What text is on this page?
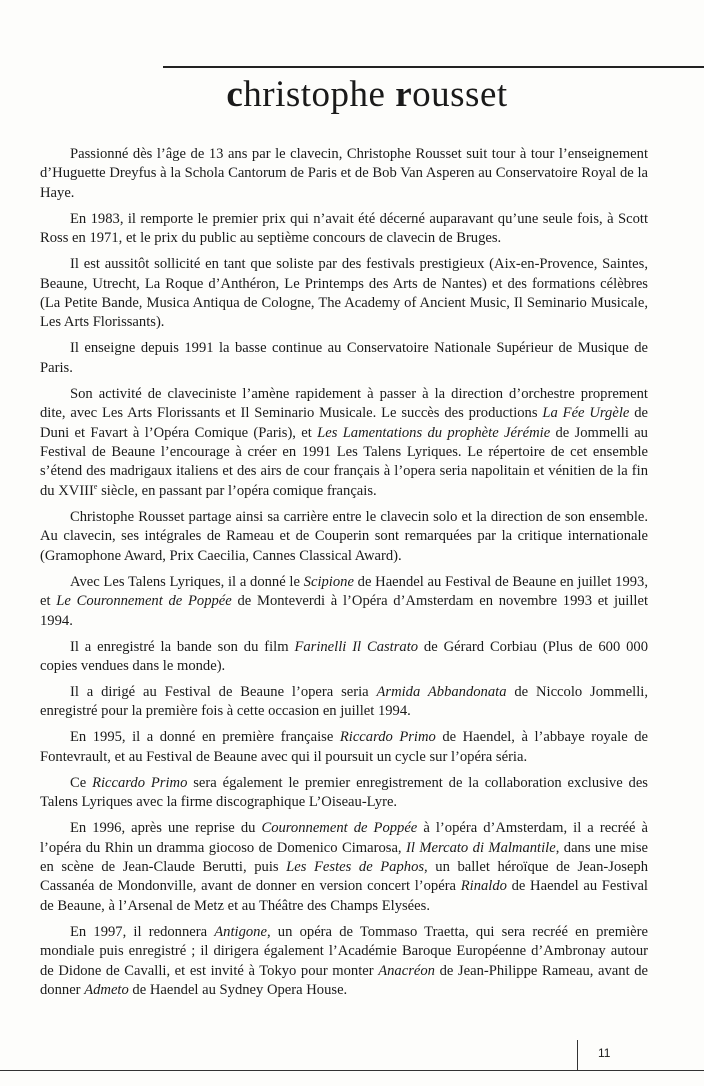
christophe rousset

Passionné dès l’âge de 13 ans par le clavecin, Christophe Rousset suit tour à tour l’enseignement d’Huguette Dreyfus à la Schola Cantorum de Paris et de Bob Van Asperen au Conservatoire Royal de la Haye.

En 1983, il remporte le premier prix qui n’avait été décerné auparavant qu’une seule fois, à Scott Ross en 1971, et le prix du public au septième concours de clavecin de Bruges.

Il est aussitôt sollicité en tant que soliste par des festivals prestigieux (Aix-en-Provence, Saintes, Beaune, Utrecht, La Roque d’Anthéron, Le Printemps des Arts de Nantes) et des formations célèbres (La Petite Bande, Musica Antiqua de Cologne, The Academy of Ancient Music, Il Seminario Musicale, Les Arts Florissants).

Il enseigne depuis 1991 la basse continue au Conservatoire Nationale Supérieur de Musique de Paris.

Son activité de claveciniste l’amène rapidement à passer à la direction d’orchestre proprement dite, avec Les Arts Florissants et Il Seminario Musicale. Le succès des productions La Fée Urgèle de Duni et Favart à l’Opéra Comique (Paris), et Les Lamentations du prophète Jérémie de Jommelli au Festival de Beaune l’encourage à créer en 1991 Les Talens Lyriques. Le répertoire de cet ensemble s’étend des madrigaux italiens et des airs de cour français à l’opera seria napolitain et vénitien de la fin du XVIIIe siècle, en passant par l’opéra comique français.

Christophe Rousset partage ainsi sa carrière entre le clavecin solo et la direction de son ensemble. Au clavecin, ses intégrales de Rameau et de Couperin sont remarquées par la critique internationale (Gramophone Award, Prix Caecilia, Cannes Classical Award).

Avec Les Talens Lyriques, il a donné le Scipione de Haendel au Festival de Beaune en juillet 1993, et Le Couronnement de Poppée de Monteverdi à l’Opéra d’Amsterdam en novembre 1993 et juillet 1994.

Il a enregistré la bande son du film Farinelli Il Castrato de Gérard Corbiau (Plus de 600 000 copies vendues dans le monde).

Il a dirigé au Festival de Beaune l’opera seria Armida Abbandonata de Niccolo Jommelli, enregistré pour la première fois à cette occasion en juillet 1994.

En 1995, il a donné en première française Riccardo Primo de Haendel, à l’abbaye royale de Fontevrault, et au Festival de Beaune avec qui il poursuit un cycle sur l’opéra séria.

Ce Riccardo Primo sera également le premier enregistrement de la collaboration exclusive des Talens Lyriques avec la firme discographique L’Oiseau-Lyre.

En 1996, après une reprise du Couronnement de Poppée à l’opéra d’Amsterdam, il a recréé à l’opéra du Rhin un dramma giocoso de Domenico Cimarosa, Il Mercato di Malmantile, dans une mise en scène de Jean-Claude Berutti, puis Les Festes de Paphos, un ballet héroïque de Jean-Joseph Cassanéa de Mondonville, avant de donner en version concert l’opéra Rinaldo de Haendel au Festival de Beaune, à l’Arsenal de Metz et au Théâtre des Champs Elysées.

En 1997, il redonnera Antigone, un opéra de Tommaso Traetta, qui sera recréé en première mondiale puis enregistré ; il dirigera également l’Académie Baroque Européenne d’Ambronay autour de Didone de Cavalli, et est invité à Tokyo pour monter Anacréon de Jean-Philippe Rameau, avant de donner Admeto de Haendel au Sydney Opera House.

11
